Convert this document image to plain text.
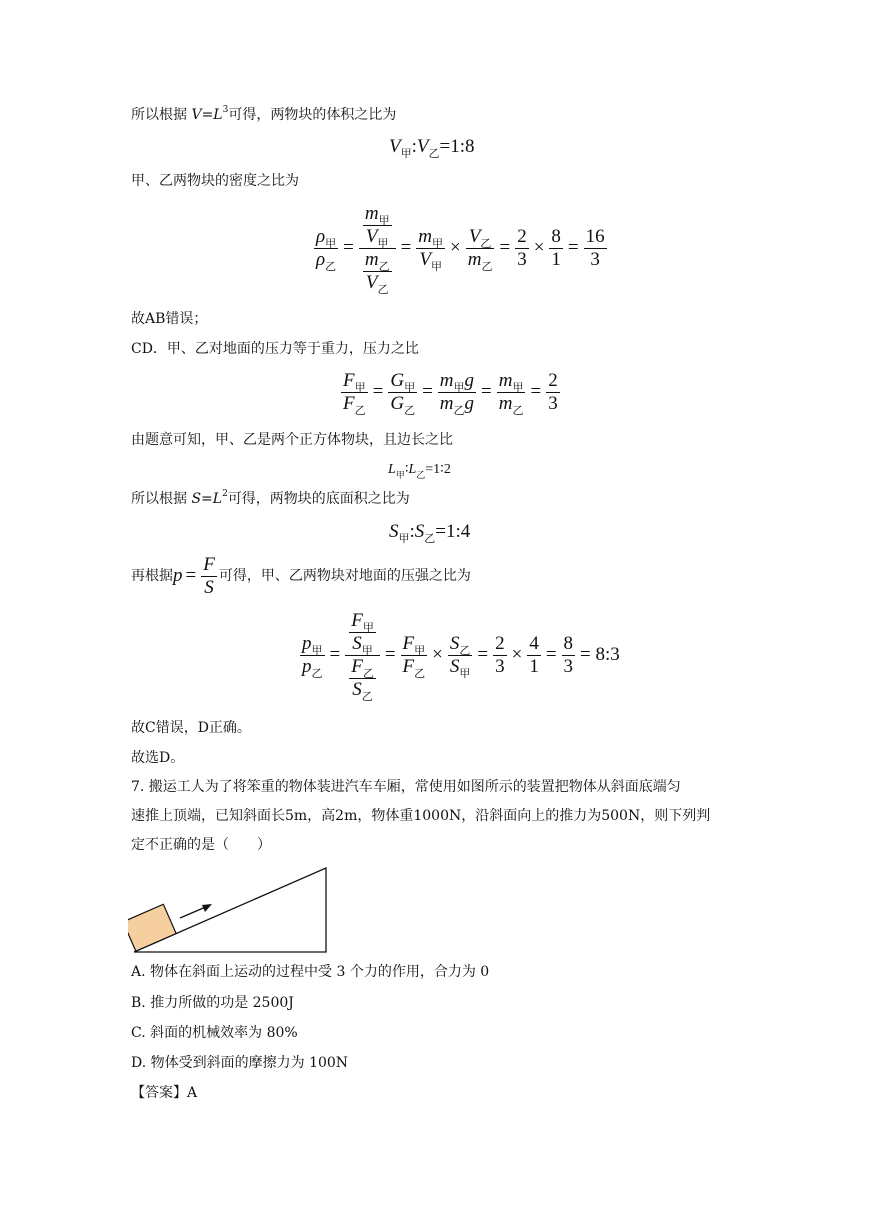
所以根据 $V=L^3$可得，两物块的体积之比为
$V_甲:V_乙=1:8$
甲、乙两物块的密度之比为
$\frac{\rho_甲}{\rho_乙} = \frac{\frac{m_甲}{V_甲}}{\frac{m_乙}{V_乙}} = \frac{m_甲}{V_甲} \times \frac{V_乙}{m_乙} = \frac{2}{3} \times \frac{8}{1} = \frac{16}{3}$
故AB错误；
CD．甲、乙对地面的压力等于重力，压力之比
$\frac{F_甲}{F_乙} = \frac{G_甲}{G_乙} = \frac{m_甲g}{m_乙g} = \frac{m_甲}{m_乙} = \frac{2}{3}$
由题意可知，甲、乙是两个正方体物块，且边长之比
$L_甲∶L_乙=1∶2$
所以根据 $S=L^2$可得，两物块的底面积之比为
$S_甲:S_乙=1:4$
再根据 $p = \frac{F}{S}$ 可得，甲、乙两物块对地面的压强之比为
$\frac{p_甲}{p_乙} = \frac{\frac{F_甲}{S_甲}}{\frac{F_乙}{S_乙}} = \frac{F_甲}{F_乙} \times \frac{S_乙}{S_甲} = \frac{2}{3} \times \frac{4}{1} = \frac{8}{3}$ = 8:3
故C错误，D正确。
故选D。
7. 搬运工人为了将笨重的物体装进汽车车厢，常使用如图所示的装置把物体从斜面底端匀
速推上顶端，已知斜面长5m，高2m，物体重1000N，沿斜面向上的推力为500N，则下列判
定不正确的是（　　）
A. 物体在斜面上运动的过程中受 3 个力的作用，合力为 0
B. 推力所做的功是 2500J
C. 斜面的机械效率为 80%
D. 物体受到斜面的摩擦力为 100N
【答案】A
